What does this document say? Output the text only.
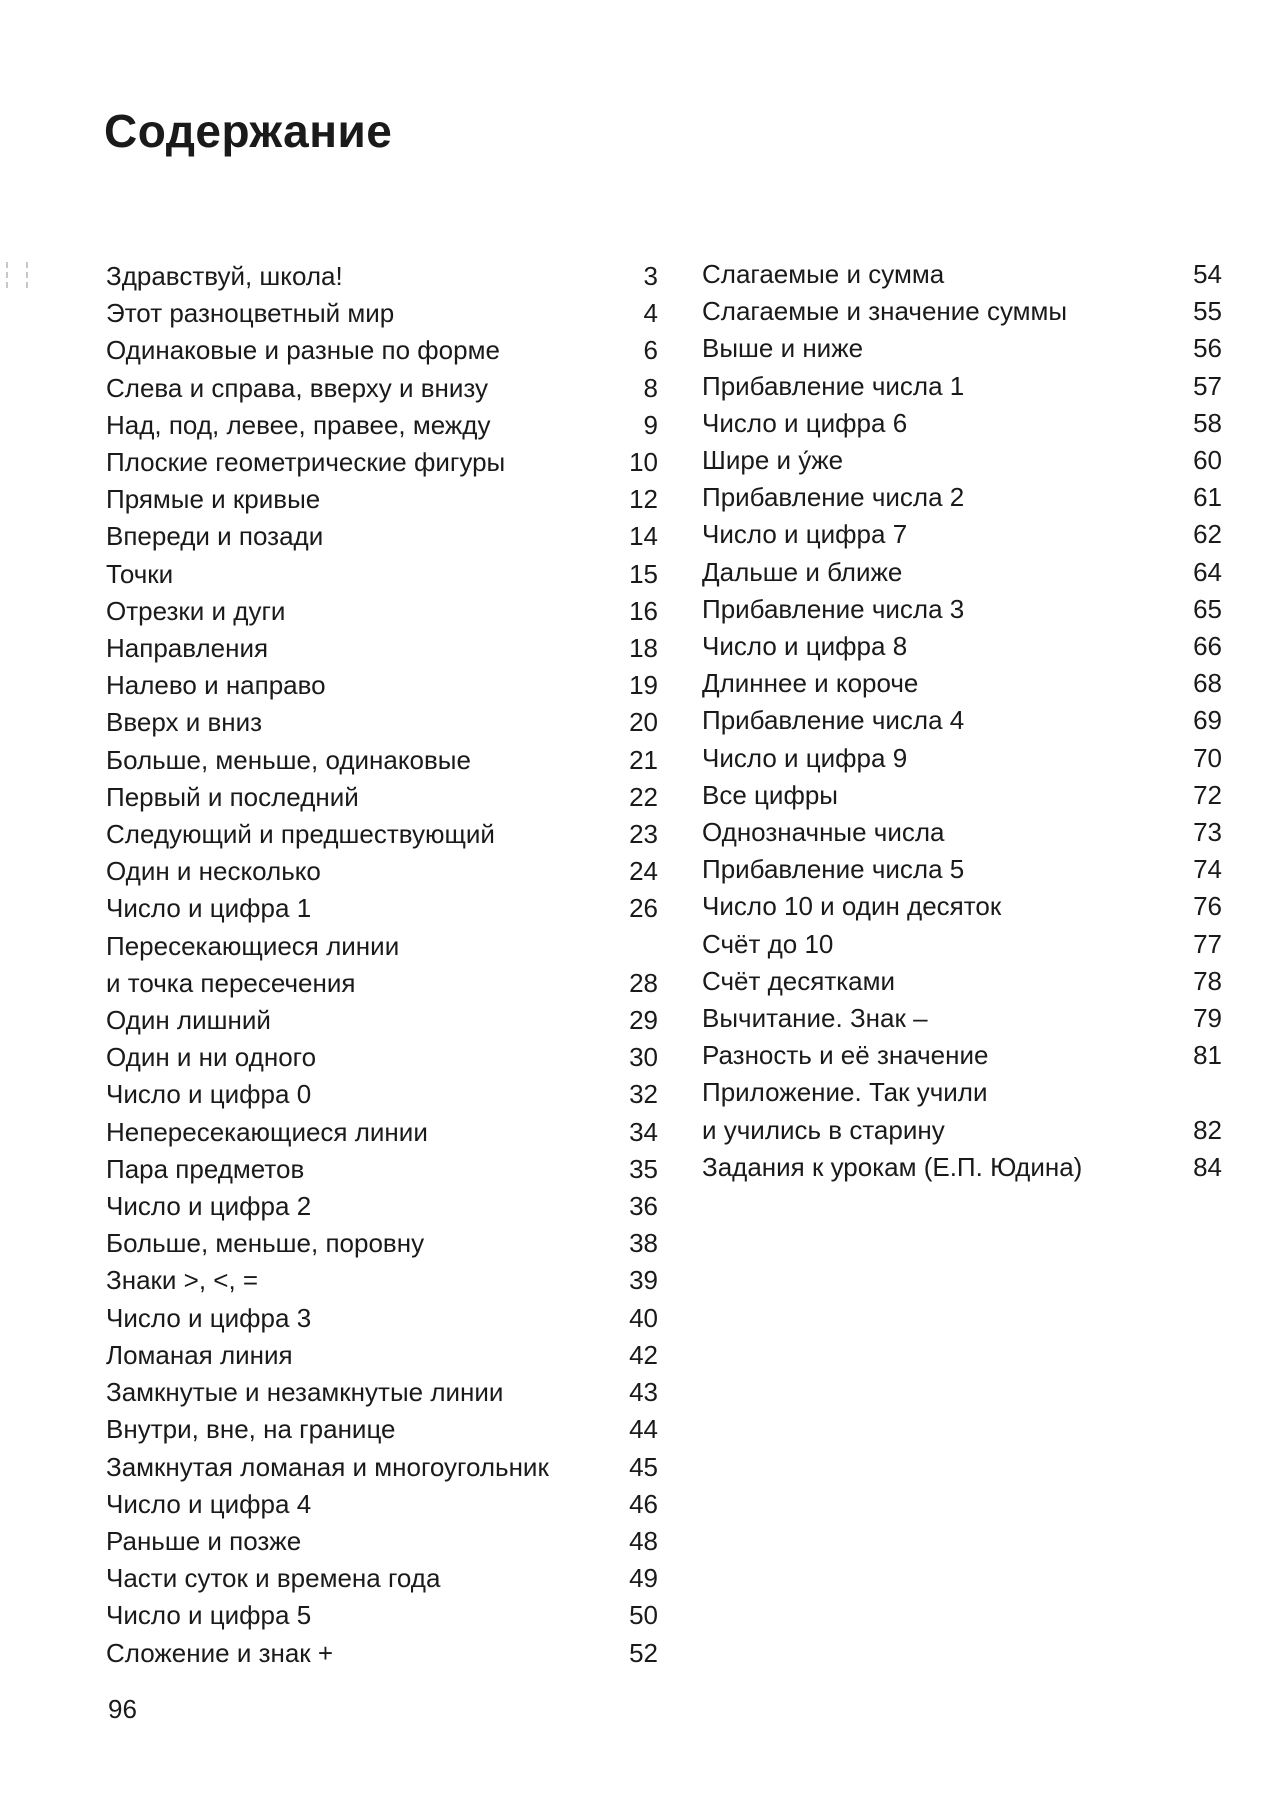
Содержание
Здравствуй, школа!	3
Этот разноцветный мир	4
Одинаковые и разные по форме	6
Слева и справа, вверху и внизу	8
Над, под, левее, правее, между	9
Плоские геометрические фигуры	10
Прямые и кривые	12
Впереди и позади	14
Точки	15
Отрезки и дуги	16
Направления	18
Налево и направо	19
Вверх и вниз	20
Больше, меньше, одинаковые	21
Первый и последний	22
Следующий и предшествующий	23
Один и несколько	24
Число и цифра 1	26
Пересекающиеся линии
и точка пересечения	28
Один лишний	29
Один и ни одного	30
Число и цифра 0	32
Непересекающиеся линии	34
Пара предметов	35
Число и цифра 2	36
Больше, меньше, поровну	38
Знаки >, <, =	39
Число и цифра 3	40
Ломаная линия	42
Замкнутые и незамкнутые линии	43
Внутри, вне, на границе	44
Замкнутая ломаная и многоугольник	45
Число и цифра 4	46
Раньше и позже	48
Части суток и времена года	49
Число и цифра 5	50
Сложение и знак +	52
Слагаемые и сумма	54
Слагаемые и значение суммы	55
Выше и ниже	56
Прибавление числа 1	57
Число и цифра 6	58
Шире и у́же	60
Прибавление числа 2	61
Число и цифра 7	62
Дальше и ближе	64
Прибавление числа 3	65
Число и цифра 8	66
Длиннее и короче	68
Прибавление числа 4	69
Число и цифра 9	70
Все цифры	72
Однозначные числа	73
Прибавление числа 5	74
Число 10 и один десяток	76
Счёт до 10	77
Счёт десятками	78
Вычитание. Знак –	79
Разность и её значение	81
Приложение. Так учили
и учились в старину	82
Задания к урокам (Е.П. Юдина)	84
96
